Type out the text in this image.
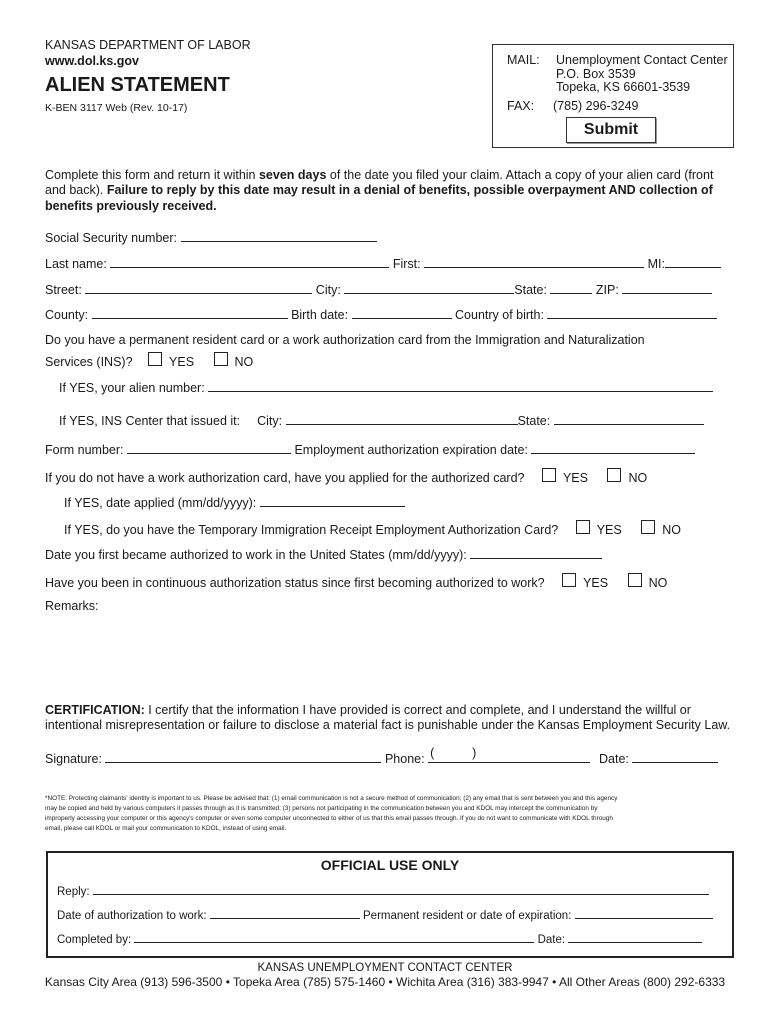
KANSAS DEPARTMENT OF LABOR
www.dol.ks.gov
ALIEN STATEMENT
K-BEN 3117 Web (Rev. 10-17)
MAIL: Unemployment Contact Center
P.O. Box 3539
Topeka, KS 66601-3539
FAX: (785) 296-3249
Submit
Complete this form and return it within seven days of the date you filed your claim. Attach a copy of your alien card (front
and back). Failure to reply by this date may result in a denial of benefits, possible overpayment AND collection of
benefits previously received.
Social Security number:
Last name:	First:	MI:
Street:	City:	State:	ZIP:
County:	Birth date:	Country of birth:
Do you have a permanent resident card or a work authorization card from the Immigration and Naturalization
Services (INS)?	YES	NO
If YES, your alien number:
If YES, INS Center that issued it: City:	State:
Form number:	Employment authorization expiration date:
If you do not have a work authorization card, have you applied for the authorized card?	YES	NO
If YES, date applied (mm/dd/yyyy):
If YES, do you have the Temporary Immigration Receipt Employment Authorization Card?	YES	NO
Date you first became authorized to work in the United States (mm/dd/yyyy):
Have you been in continuous authorization status since first becoming authorized to work?	YES	NO
Remarks:
CERTIFICATION: I certify that the information I have provided is correct and complete, and I understand the willful or
intentional misrepresentation or failure to disclose a material fact is punishable under the Kansas Employment Security Law.
Signature:	Phone: (	)	Date:
*NOTE: Protecting claimants' identity is important to us. Please be advised that: (1) email communication is not a secure method of communication; (2) any email that is sent between you and this agency
may be copied and held by various computers it passes through as it is transmitted; (3) persons not participating in the communication between you and KDOL may intercept the communication by
improperly accessing your computer or this agency's computer or even some computer unconnected to either of us that this email passes through. If you do not want to communicate with KDOL through
email, please call KDOL or mail your communication to KDOL, instead of using email.
OFFICIAL USE ONLY
Reply:
Date of authorization to work:	Permanent resident or date of expiration:
Completed by:	Date:
KANSAS UNEMPLOYMENT CONTACT CENTER
Kansas City Area (913) 596-3500 • Topeka Area (785) 575-1460 • Wichita Area (316) 383-9947 • All Other Areas (800) 292-6333
